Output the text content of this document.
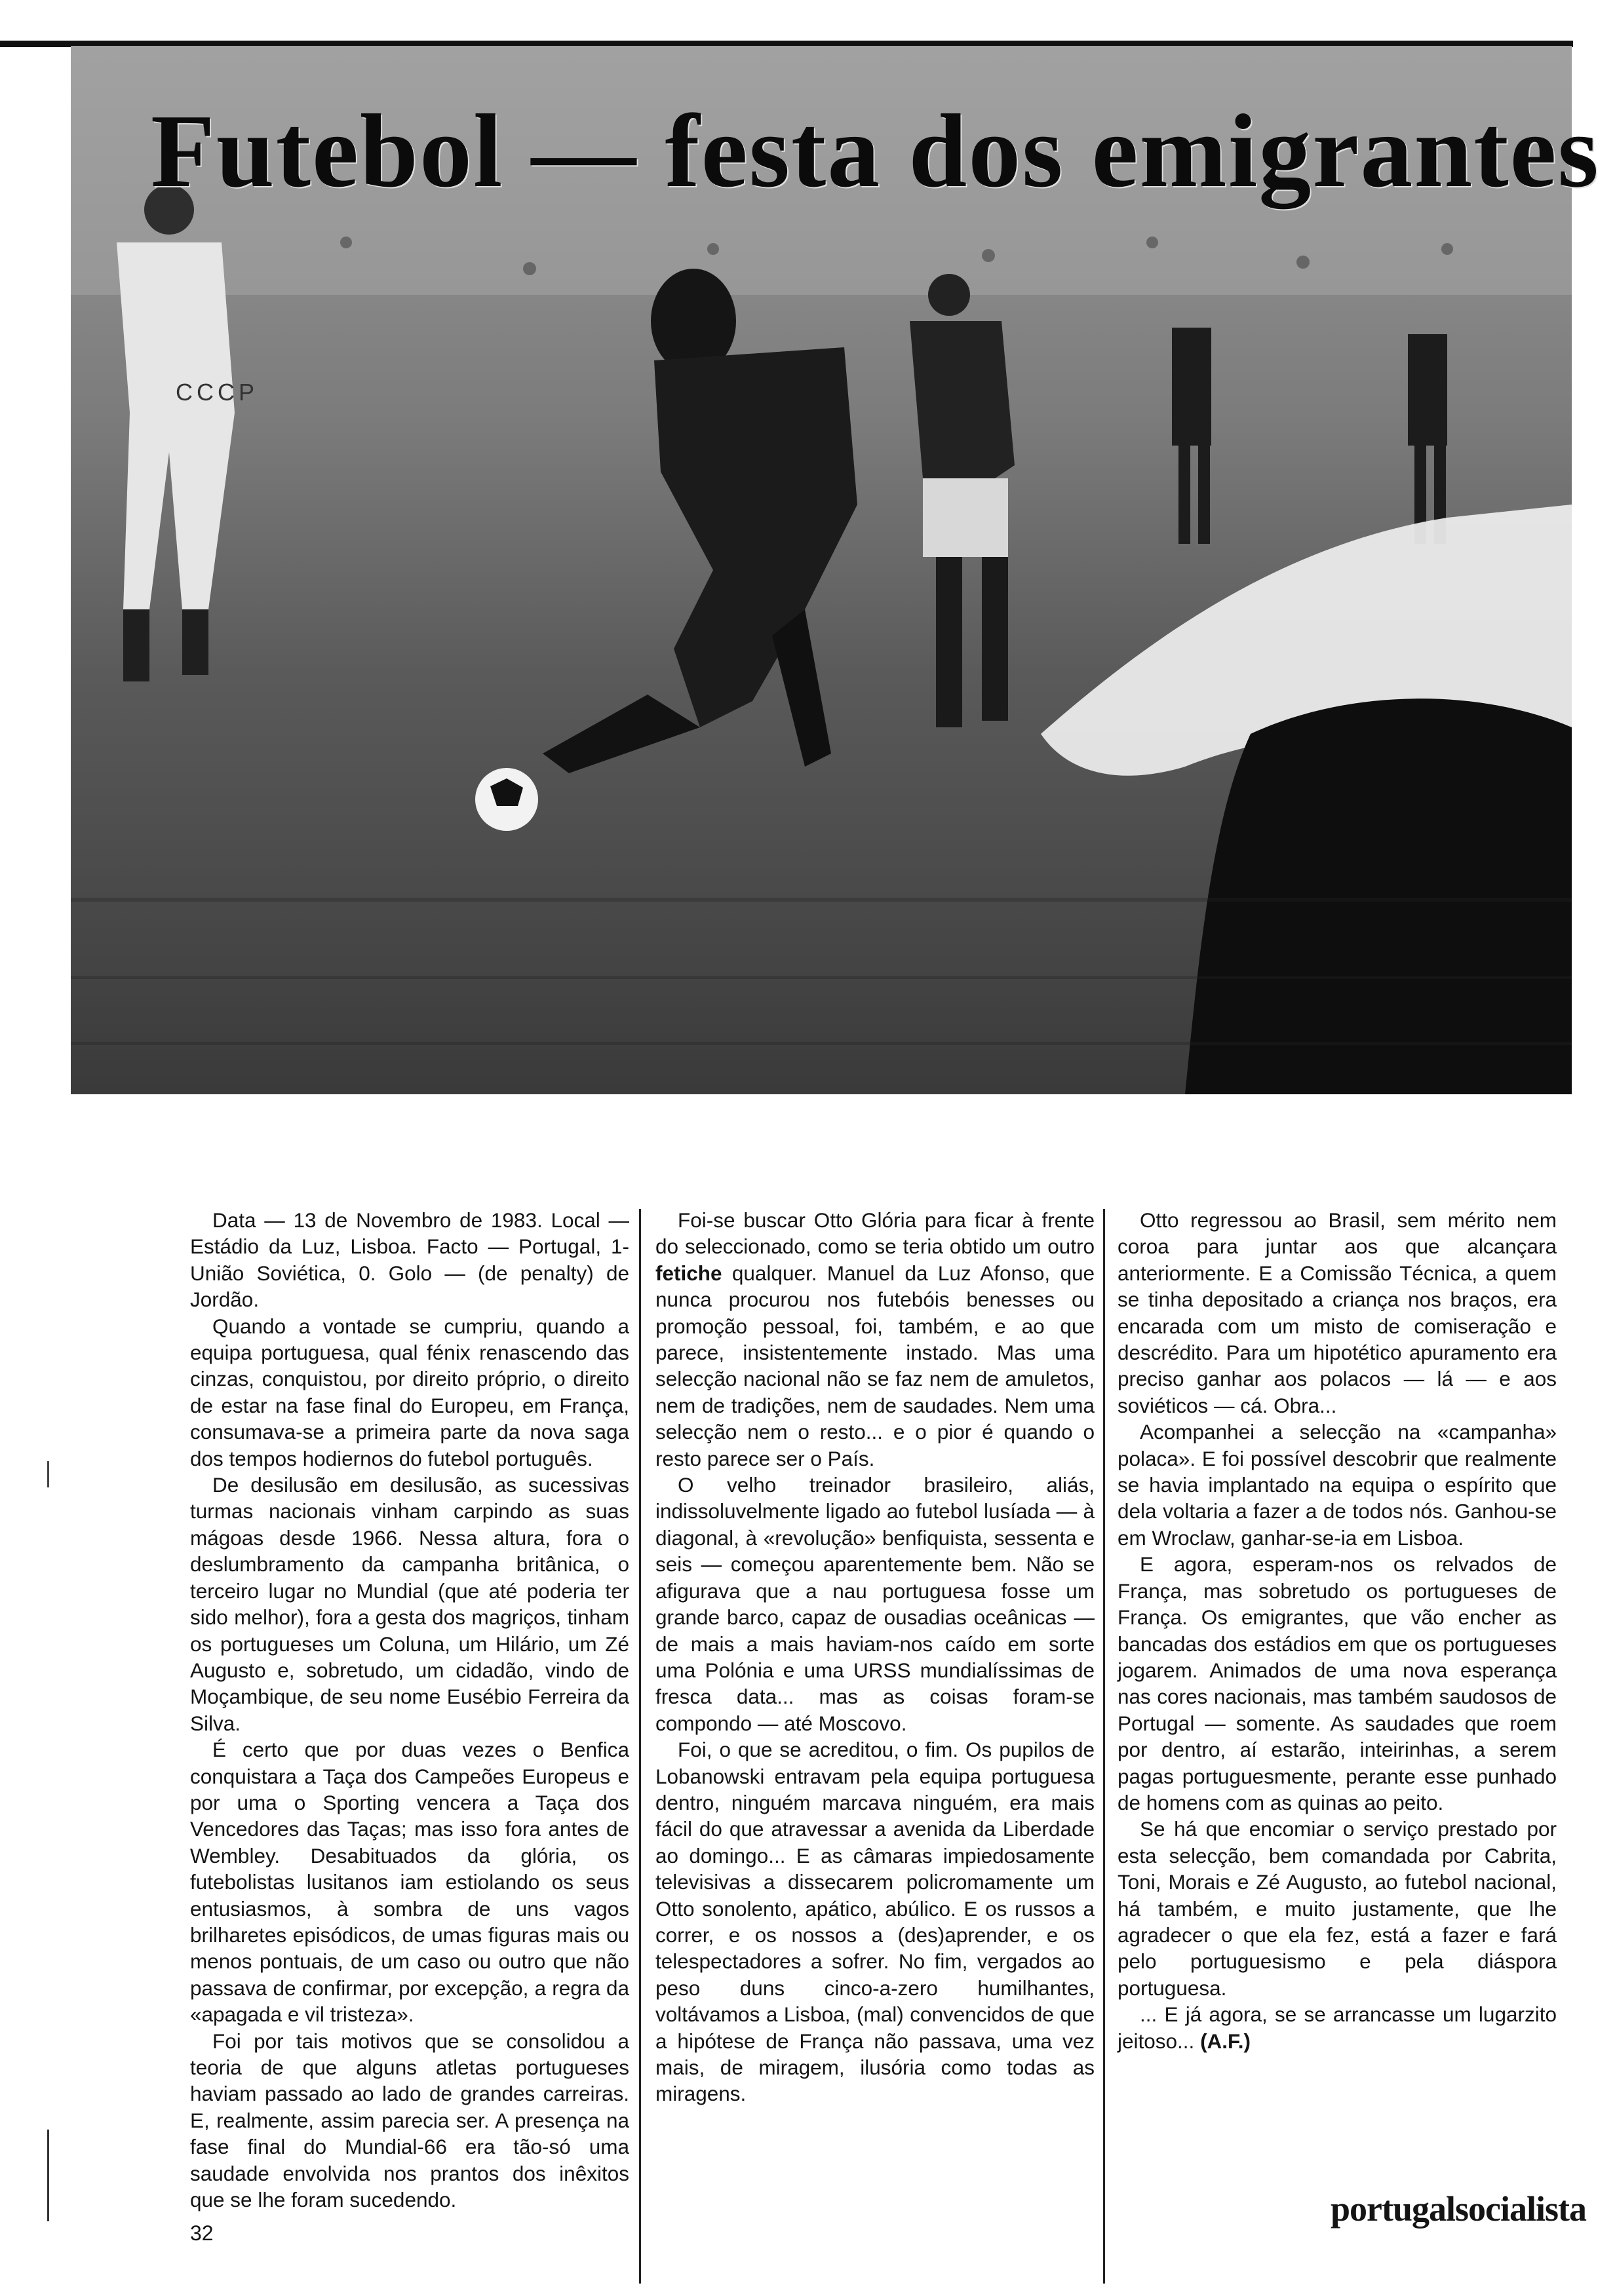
CCCP
Futebol — festa dos emigrantes

Data — 13 de Novembro de 1983. Local — Estádio da Luz, Lisboa. Facto — Portugal, 1-União Soviética, 0. Golo — (de penalty) de Jordão.

Quando a vontade se cumpriu, quando a equipa portuguesa, qual fénix renascendo das cinzas, conquistou, por direito próprio, o direito de estar na fase final do Europeu, em França, consumava-se a primeira parte da nova saga dos tempos hodiernos do futebol português.

De desilusão em desilusão, as sucessivas turmas nacionais vinham carpindo as suas mágoas desde 1966. Nessa altura, fora o deslumbramento da campanha britânica, o terceiro lugar no Mundial (que até poderia ter sido melhor), fora a gesta dos magriços, tinham os portugueses um Coluna, um Hilário, um Zé Augusto e, sobretudo, um cidadão, vindo de Moçambique, de seu nome Eusébio Ferreira da Silva.

É certo que por duas vezes o Benfica conquistara a Taça dos Campeões Europeus e por uma o Sporting vencera a Taça dos Vencedores das Taças; mas isso fora antes de Wembley. Desabituados da glória, os futebolistas lusitanos iam estiolando os seus entusiasmos, à sombra de uns vagos brilharetes episódicos, de umas figuras mais ou menos pontuais, de um caso ou outro que não passava de confirmar, por excepção, a regra da «apagada e vil tristeza».

Foi por tais motivos que se consolidou a teoria de que alguns atletas portugueses haviam passado ao lado de grandes carreiras. E, realmente, assim parecia ser. A presença na fase final do Mundial-66 era tão-só uma saudade envolvida nos prantos dos inêxitos que se lhe foram sucedendo.

Foi-se buscar Otto Glória para ficar à frente do seleccionado, como se teria obtido um outro fetiche qualquer. Manuel da Luz Afonso, que nunca procurou nos futebóis benesses ou promoção pessoal, foi, também, e ao que parece, insistentemente instado. Mas uma selecção nacional não se faz nem de amuletos, nem de tradições, nem de saudades. Nem uma selecção nem o resto... e o pior é quando o resto parece ser o País.

O velho treinador brasileiro, aliás, indissoluvelmente ligado ao futebol lusíada — à diagonal, à «revolução» benfiquista, sessenta e seis — começou aparentemente bem. Não se afigurava que a nau portuguesa fosse um grande barco, capaz de ousadias oceânicas — de mais a mais haviam-nos caído em sorte uma Polónia e uma URSS mundialíssimas de fresca data... mas as coisas foram-se compondo — até Moscovo.

Foi, o que se acreditou, o fim. Os pupilos de Lobanowski entravam pela equipa portuguesa dentro, ninguém marcava ninguém, era mais fácil do que atravessar a avenida da Liberdade ao domingo... E as câmaras impiedosamente televisivas a dissecarem policromamente um Otto sonolento, apático, abúlico. E os russos a correr, e os nossos a (des)aprender, e os telespectadores a sofrer. No fim, vergados ao peso duns cinco-a-zero humilhantes, voltávamos a Lisboa, (mal) convencidos de que a hipótese de França não passava, uma vez mais, de miragem, ilusória como todas as miragens.

Otto regressou ao Brasil, sem mérito nem coroa para juntar aos que alcançara anteriormente. E a Comissão Técnica, a quem se tinha depositado a criança nos braços, era encarada com um misto de comiseração e descrédito. Para um hipotético apuramento era preciso ganhar aos polacos — lá — e aos soviéticos — cá. Obra...

Acompanhei a selecção na «campanha» polaca». E foi possível descobrir que realmente se havia implantado na equipa o espírito que dela voltaria a fazer a de todos nós. Ganhou-se em Wroclaw, ganhar-se-ia em Lisboa.

E agora, esperam-nos os relvados de França, mas sobretudo os portugueses de França. Os emigrantes, que vão encher as bancadas dos estádios em que os portugueses jogarem. Animados de uma nova esperança nas cores nacionais, mas também saudosos de Portugal — somente. As saudades que roem por dentro, aí estarão, inteirinhas, a serem pagas portuguesmente, perante esse punhado de homens com as quinas ao peito.

Se há que encomiar o serviço prestado por esta selecção, bem comandada por Cabrita, Toni, Morais e Zé Augusto, ao futebol nacional, há também, e muito justamente, que lhe agradecer o que ela fez, está a fazer e fará pelo portuguesismo e pela diáspora portuguesa.

... E já agora, se se arrancasse um lugarzito jeitoso... (A.F.)

32
portugalsocialista
